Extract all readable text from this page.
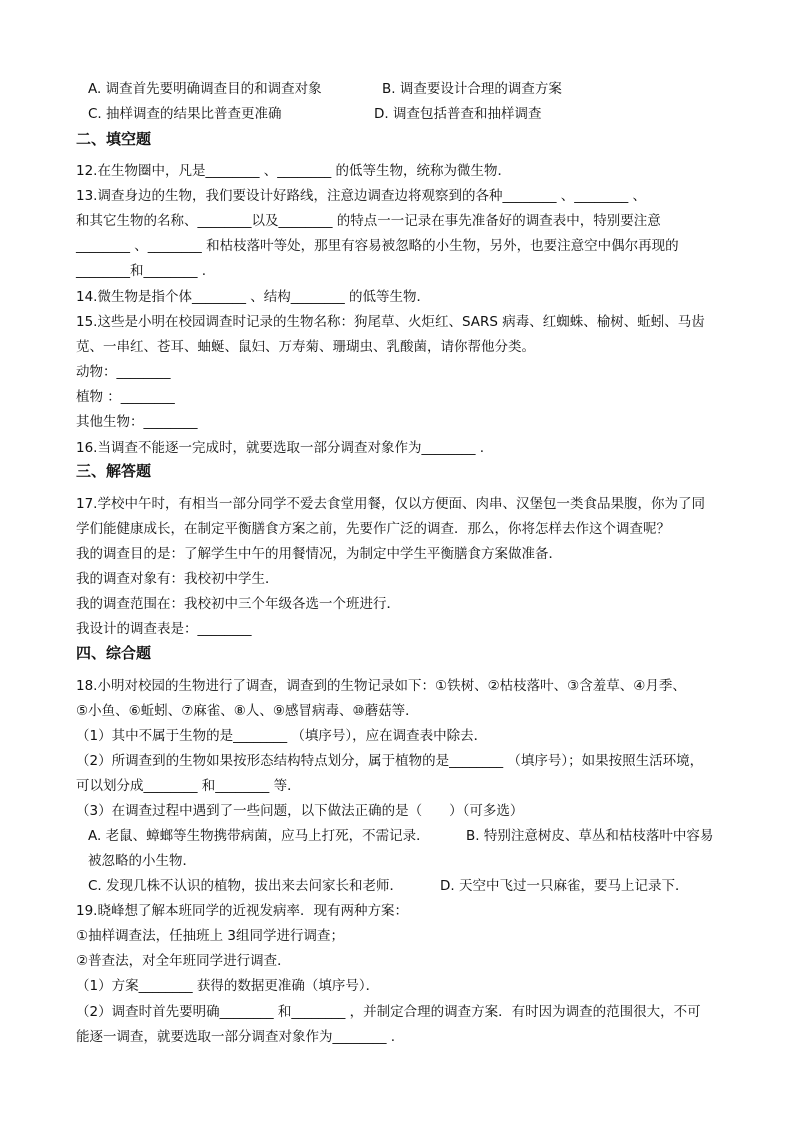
A. 调查首先要明确调查目的和调查对象	B. 调查要设计合理的调查方案
C. 抽样调查的结果比普查更准确	D. 调查包括普查和抽样调查
二、填空题
12.在生物圈中，凡是________ 、________ 的低等生物，统称为微生物．
13.调查身边的生物，我们要设计好路线，注意边调查边将观察到的各种________ 、________ 、
和其它生物的名称、________以及________ 的特点一一记录在事先准备好的调查表中，特别要注意
________ 、________ 和枯枝落叶等处，那里有容易被忽略的小生物，另外，也要注意空中偶尔再现的
________和________ .
14.微生物是指个体________ 、结构________ 的低等生物．
15.这些是小明在校园调查时记录的生物名称：狗尾草、火炬红、SARS 病毒、红蜘蛛、榆树、蚯蚓、马齿
苋、一串红、苍耳、蚰蜒、鼠妇、万寿菊、珊瑚虫、乳酸菌，请你帮他分类。
动物：________
植物 ：________
其他生物：________
16.当调查不能逐一完成时，就要选取一部分调查对象作为________ .
三、解答题
17.学校中午时，有相当一部分同学不爱去食堂用餐，仅以方便面、肉串、汉堡包一类食品果腹，你为了同
学们能健康成长，在制定平衡膳食方案之前，先要作广泛的调查．那么，你将怎样去作这个调查呢？
我的调查目的是：了解学生中午的用餐情况，为制定中学生平衡膳食方案做准备．
我的调查对象有：我校初中学生．
我的调查范围在：我校初中三个年级各选一个班进行．
我设计的调查表是：________
四、综合题
18.小明对校园的生物进行了调查，调查到的生物记录如下：①铁树、②枯枝落叶、③含羞草、④月季、
⑤小鱼、⑥蚯蚓、⑦麻雀、⑧人、⑨感冒病毒、⑩蘑菇等．
（1）其中不属于生物的是________ （填序号），应在调查表中除去．
（2）所调查到的生物如果按形态结构特点划分，属于植物的是________ （填序号）；如果按照生活环境，
可以划分成________ 和________ 等．
（3）在调查过程中遇到了一些问题，以下做法正确的是（　　）（可多选）
A. 老鼠、蟑螂等生物携带病菌，应马上打死，不需记录．	B. 特别注意树皮、草丛和枯枝落叶中容易
被忽略的小生物．
C. 发现几株不认识的植物，拔出来去问家长和老师．	D. 天空中飞过一只麻雀，要马上记录下．
19.晓峰想了解本班同学的近视发病率．现有两种方案：
①抽样调查法，任抽班上 3组同学进行调查；
②普查法，对全年班同学进行调查．
（1）方案________ 获得的数据更准确（填序号）．
（2）调查时首先要明确________ 和________ ，并制定合理的调查方案．有时因为调查的范围很大，不可
能逐一调查，就要选取一部分调查对象作为________ .
